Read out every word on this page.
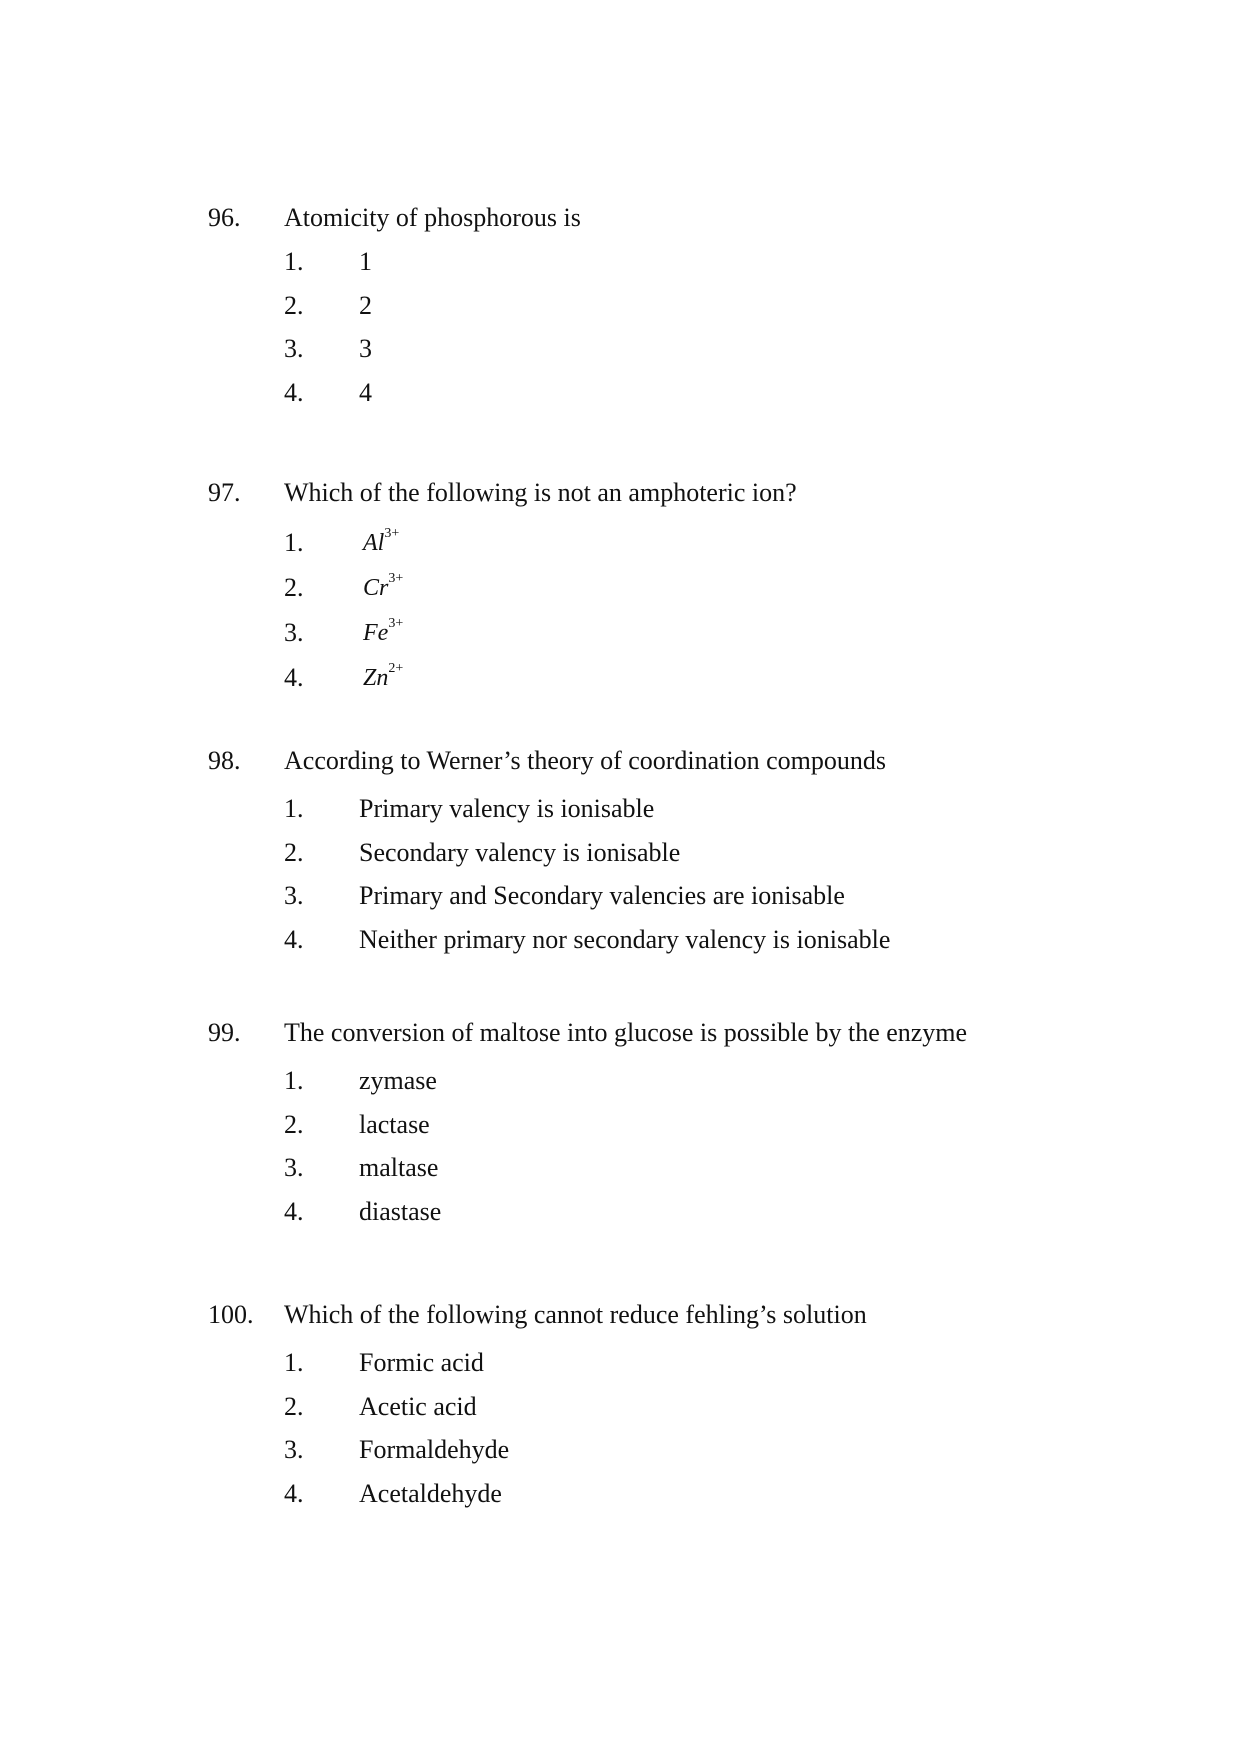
96. Atomicity of phosphorous is
1. 1
2. 2
3. 3
4. 4
97. Which of the following is not an amphoteric ion?
1. $Al^{3+}$
2. $Cr^{3+}$
3. $Fe^{3+}$
4. $Zn^{2+}$
98. According to Werner’s theory of coordination compounds
1. Primary valency is ionisable
2. Secondary valency is ionisable
3. Primary and Secondary valencies are ionisable
4. Neither primary nor secondary valency is ionisable
99. The conversion of maltose into glucose is possible by the enzyme
1. zymase
2. lactase
3. maltase
4. diastase
100. Which of the following cannot reduce fehling’s solution
1. Formic acid
2. Acetic acid
3. Formaldehyde
4. Acetaldehyde
